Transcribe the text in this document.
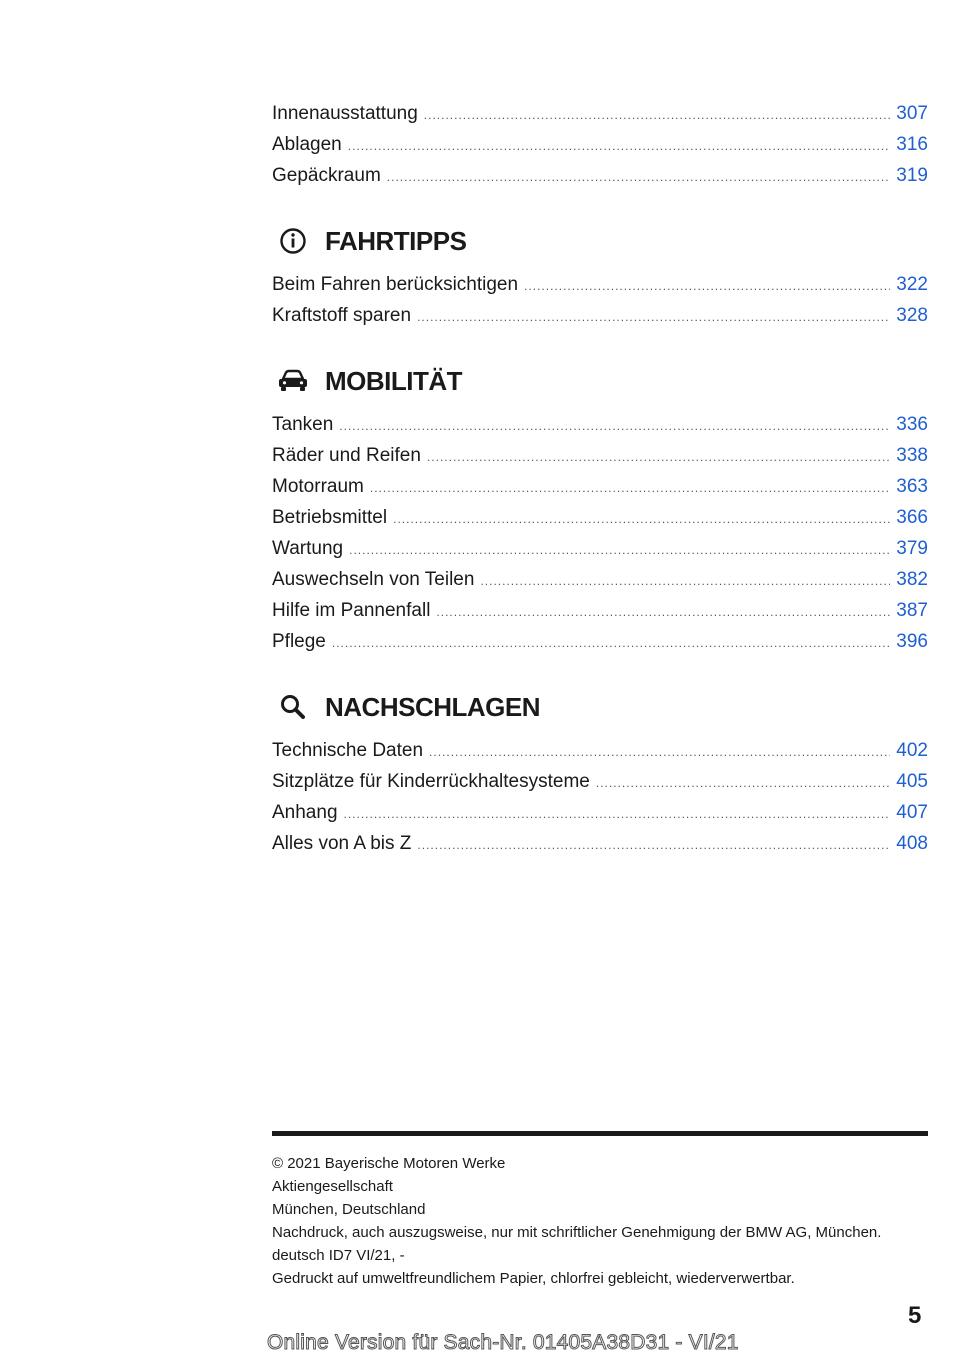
Innenausstattung .....	307
Ablagen .....	316
Gepäckraum .....	319
FAHRTIPPS
Beim Fahren berücksichtigen .....	322
Kraftstoff sparen .....	328
MOBILITÄT
Tanken .....	336
Räder und Reifen .....	338
Motorraum .....	363
Betriebsmittel .....	366
Wartung .....	379
Auswechseln von Teilen .....	382
Hilfe im Pannenfall .....	387
Pflege .....	396
NACHSCHLAGEN
Technische Daten .....	402
Sitzplätze für Kinderrückhaltesysteme .....	405
Anhang .....	407
Alles von A bis Z .....	408
© 2021 Bayerische Motoren Werke
Aktiengesellschaft
München, Deutschland
Nachdruck, auch auszugsweise, nur mit schriftlicher Genehmigung der BMW AG, München.
deutsch ID7 VI/21, -
Gedruckt auf umweltfreundlichem Papier, chlorfrei gebleicht, wiederverwertbar.
5
Online Version für Sach-Nr. 01405A38D31 - VI/21
